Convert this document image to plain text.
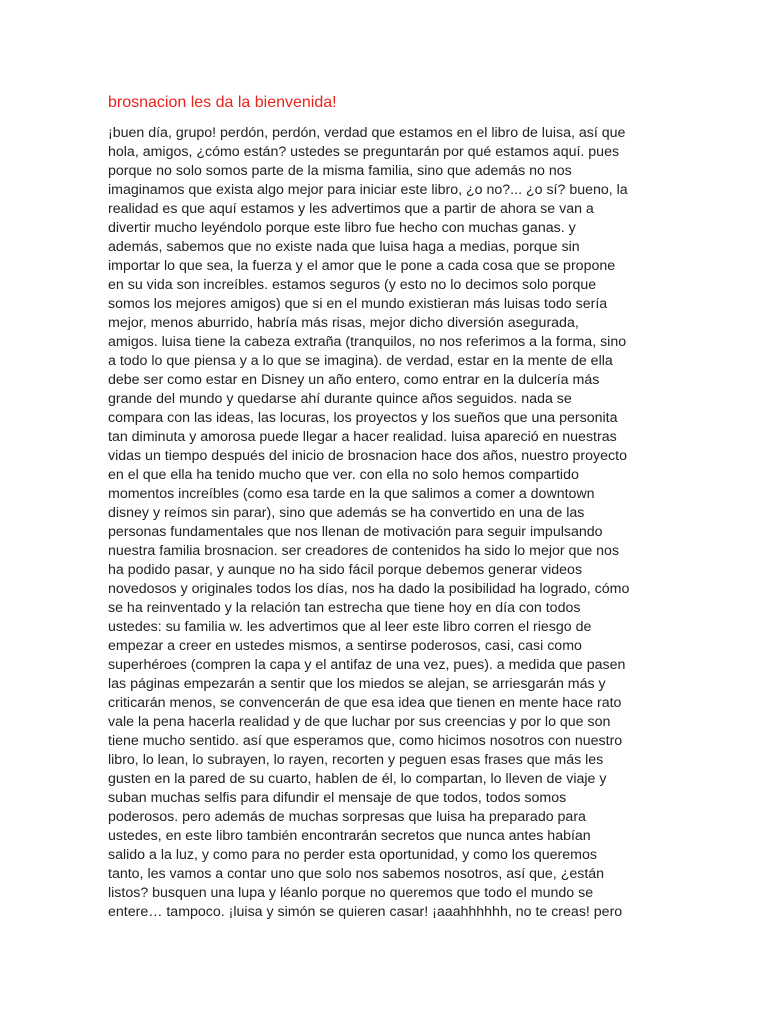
brosnacion les da la bienvenida!
¡buen día, grupo! perdón, perdón, verdad que estamos en el libro de luisa, así que
hola, amigos, ¿cómo están? ustedes se preguntarán por qué estamos aquí. pues
porque no solo somos parte de la misma familia, sino que además no nos
imaginamos que exista algo mejor para iniciar este libro, ¿o no?... ¿o sí? bueno, la
realidad es que aquí estamos y les advertimos que a partir de ahora se van a
divertir mucho leyéndolo porque este libro fue hecho con muchas ganas. y
además, sabemos que no existe nada que luisa haga a medias, porque sin
importar lo que sea, la fuerza y el amor que le pone a cada cosa que se propone
en su vida son increíbles. estamos seguros (y esto no lo decimos solo porque
somos los mejores amigos) que si en el mundo existieran más luisas todo sería
mejor, menos aburrido, habría más risas, mejor dicho diversión asegurada,
amigos. luisa tiene la cabeza extraña (tranquilos, no nos referimos a la forma, sino
a todo lo que piensa y a lo que se imagina). de verdad, estar en la mente de ella
debe ser como estar en Disney un año entero, como entrar en la dulcería más
grande del mundo y quedarse ahí durante quince años seguidos. nada se
compara con las ideas, las locuras, los proyectos y los sueños que una personita
tan diminuta y amorosa puede llegar a hacer realidad. luisa apareció en nuestras
vidas un tiempo después del inicio de brosnacion hace dos años, nuestro proyecto
en el que ella ha tenido mucho que ver. con ella no solo hemos compartido
momentos increíbles (como esa tarde en la que salimos a comer a downtown
disney y reímos sin parar), sino que además se ha convertido en una de las
personas fundamentales que nos llenan de motivación para seguir impulsando
nuestra familia brosnacion. ser creadores de contenidos ha sido lo mejor que nos
ha podido pasar, y aunque no ha sido fácil porque debemos generar videos
novedosos y originales todos los días, nos ha dado la posibilidad ha logrado, cómo
se ha reinventado y la relación tan estrecha que tiene hoy en día con todos
ustedes: su familia w. les advertimos que al leer este libro corren el riesgo de
empezar a creer en ustedes mismos, a sentirse poderosos, casi, casi como
superhéroes (compren la capa y el antifaz de una vez, pues). a medida que pasen
las páginas empezarán a sentir que los miedos se alejan, se arriesgarán más y
criticarán menos, se convencerán de que esa idea que tienen en mente hace rato
vale la pena hacerla realidad y de que luchar por sus creencias y por lo que son
tiene mucho sentido. así que esperamos que, como hicimos nosotros con nuestro
libro, lo lean, lo subrayen, lo rayen, recorten y peguen esas frases que más les
gusten en la pared de su cuarto, hablen de él, lo compartan, lo lleven de viaje y
suban muchas selfis para difundir el mensaje de que todos, todos somos
poderosos. pero además de muchas sorpresas que luisa ha preparado para
ustedes, en este libro también encontrarán secretos que nunca antes habían
salido a la luz, y como para no perder esta oportunidad, y como los queremos
tanto, les vamos a contar uno que solo nos sabemos nosotros, así que, ¿están
listos? busquen una lupa y léanlo porque no queremos que todo el mundo se
entere… tampoco. ¡luisa y simón se quieren casar! ¡aaahhhhhh, no te creas! pero
